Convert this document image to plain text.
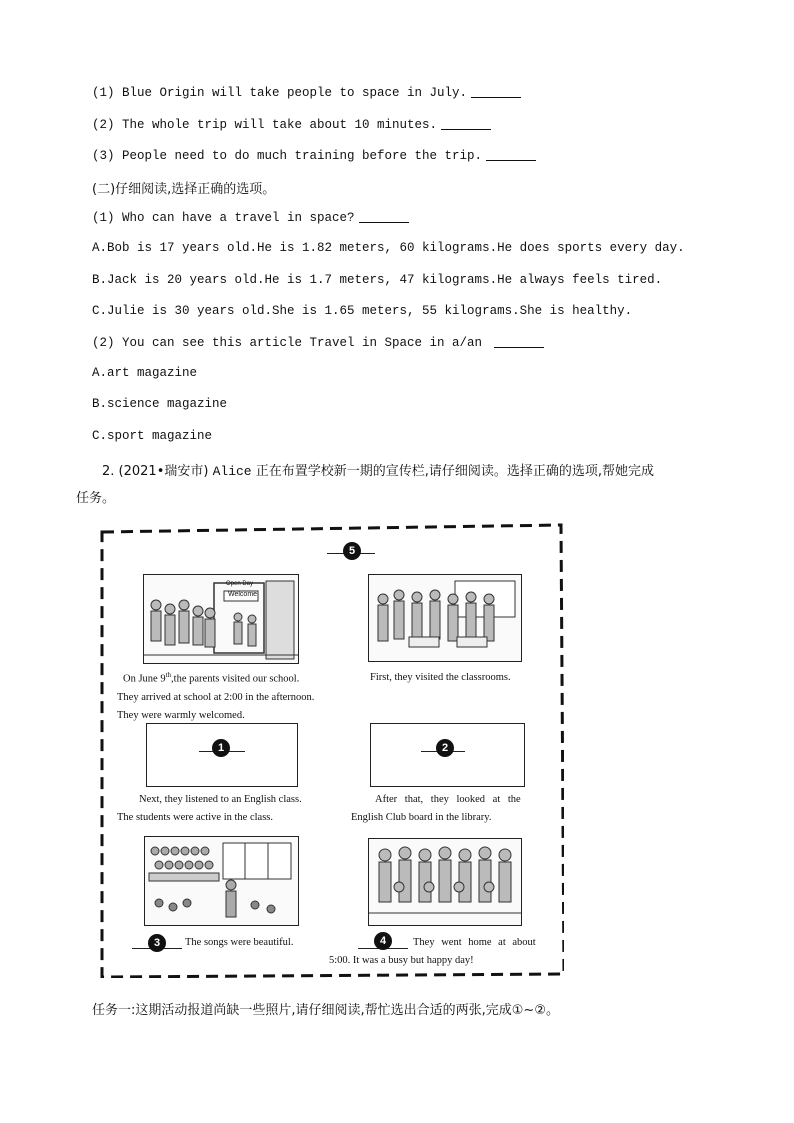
(1) Blue Origin will take people to space in July.
(2) The whole trip will take about 10 minutes.
(3) People need to do much training before the trip.
(二)仔细阅读,选择正确的选项。
(1) Who can have a travel in space?
A.Bob is 17 years old.He is 1.82 meters, 60 kilograms.He does sports every day.
B.Jack is 20 years old.He is 1.7 meters, 47 kilograms.He always feels tired.
C.Julie is 30 years old.She is 1.65 meters, 55 kilograms.She is healthy.
(2) You can see this article Travel in Space in a/an
A.art magazine
B.science magazine
C.sport magazine
2. (2021•瑞安市) Alice 正在布置学校新一期的宣传栏,请仔细阅读。选择正确的选项,帮她完成
任务。
5
Open Day
Welcome
On June 9th,the parents visited our school.
They arrived at school at 2:00 in the afternoon.
They were warmly welcomed.
First, they visited the classrooms.
1	2
Next, they listened to an English class.
The students were active in the class.
After that, they looked at the
English Club board in the library.
3	The songs were beautiful.	4	They went home at about
5:00. It was a busy but happy day!
任务一:这期活动报道尚缺一些照片,请仔细阅读,帮忙选出合适的两张,完成①~②。
